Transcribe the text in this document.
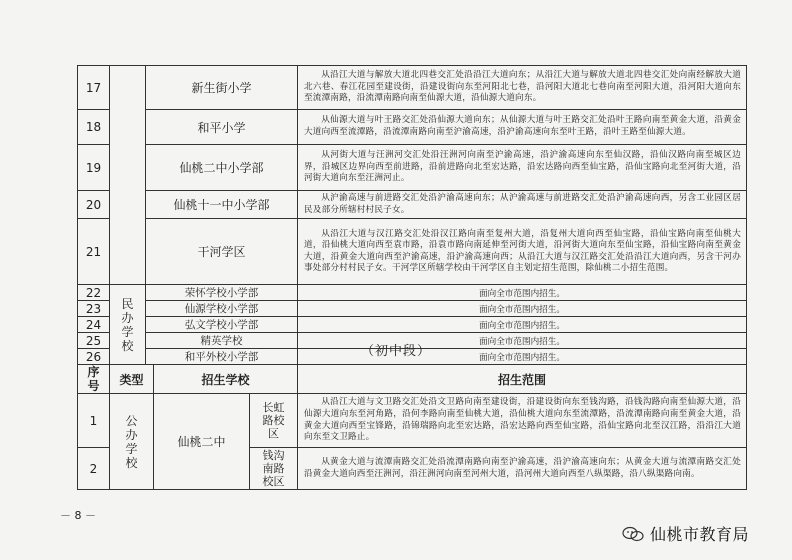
17		新生街小学	从沿江大道与解放大道北四巷交汇处沿沿江大道向东；从沿江大道与解放大道北四巷交汇处向南经解放大道北六巷、春江花园至建设街，沿建设街向东至河阳北七巷，沿河阳大道北七巷向南至河阳大道，沿河阳大道向东至流潭南路，沿流潭南路向南至仙源大道，沿仙源大道向东。
18		和平小学	从仙源大道与叶王路交汇处沿仙源大道向东；从仙源大道与叶王路交汇处沿叶王路向南至黄金大道，沿黄金大道向西至流潭路，沿流潭南路向南至沪渝高速，沿沪渝高速向东至叶王路，沿叶王路至仙源大道。
19		仙桃二中小学部	从河街大道与汪洲河交汇处沿汪洲河向南至沪渝高速，沿沪渝高速向东至仙汉路，沿仙汉路向南至城区边界，沿城区边界向西至前进路，沿前进路向北至宏达路，沿宏达路向西至仙宝路，沿仙宝路向北至河街大道，沿河街大道向东至汪洲河止。
20		仙桃十一中小学部	从沪渝高速与前进路交汇处沿沪渝高速向东；从沪渝高速与前进路交汇处沿沪渝高速向西，另含工业园区居民及部分所辖村村民子女。
21		干河学区	从沿江大道与汉江路交汇处沿汉江路向南至复州大道，沿复州大道向西至仙宝路，沿仙宝路向南至仙桃大道，沿仙桃大道向西至袁市路，沿袁市路向南延伸至河街大道，沿河街大道向东至仙宝路，沿仙宝路向南至黄金大道，沿黄金大道向西至沪渝高速，沿沪渝高速向西；从沿江大道与汉江路交汇处沿沿江大道向西，另含干河办事处部分村村民子女。干河学区所辖学校由干河学区自主划定招生范围，除仙桃二小招生范围。
22	民办学校	荣怀学校小学部	面向全市范围内招生。
23		仙源学校小学部	面向全市范围内招生。
24		弘文学校小学部	面向全市范围内招生。
25		精英学校	面向全市范围内招生。
26		和平外校小学部	面向全市范围内招生。
（初中段）
序号	类型	招生学校		招生范围
1	公办学校	仙桃二中	长虹路校区	从沿江大道与文卫路交汇处沿文卫路向南至建设街，沿建设街向东至钱沟路，沿钱沟路向南至仙源大道，沿仙源大道向东至河角路，沿何李路向南至仙桃大道，沿仙桃大道向东至流潭路，沿流潭南路向南至黄金大道，沿黄金大道向西至宝锋路，沿锦瑞路向北至宏达路，沿宏达路向西至仙宝路，沿仙宝路向北至汉江路，沿沿江大道向东至文卫路止。
2			钱沟南路校区	从黄金大道与流潭南路交汇处沿流潭南路向南至沪渝高速，沿沪渝高速向东；从黄金大道与流潭南路交汇处沿黄金大道向西至汪洲河，沿汪洲河向南至河州大道，沿河州大道向西至八纵渠路，沿八纵渠路向南。
－ 8 －
仙桃市教育局
